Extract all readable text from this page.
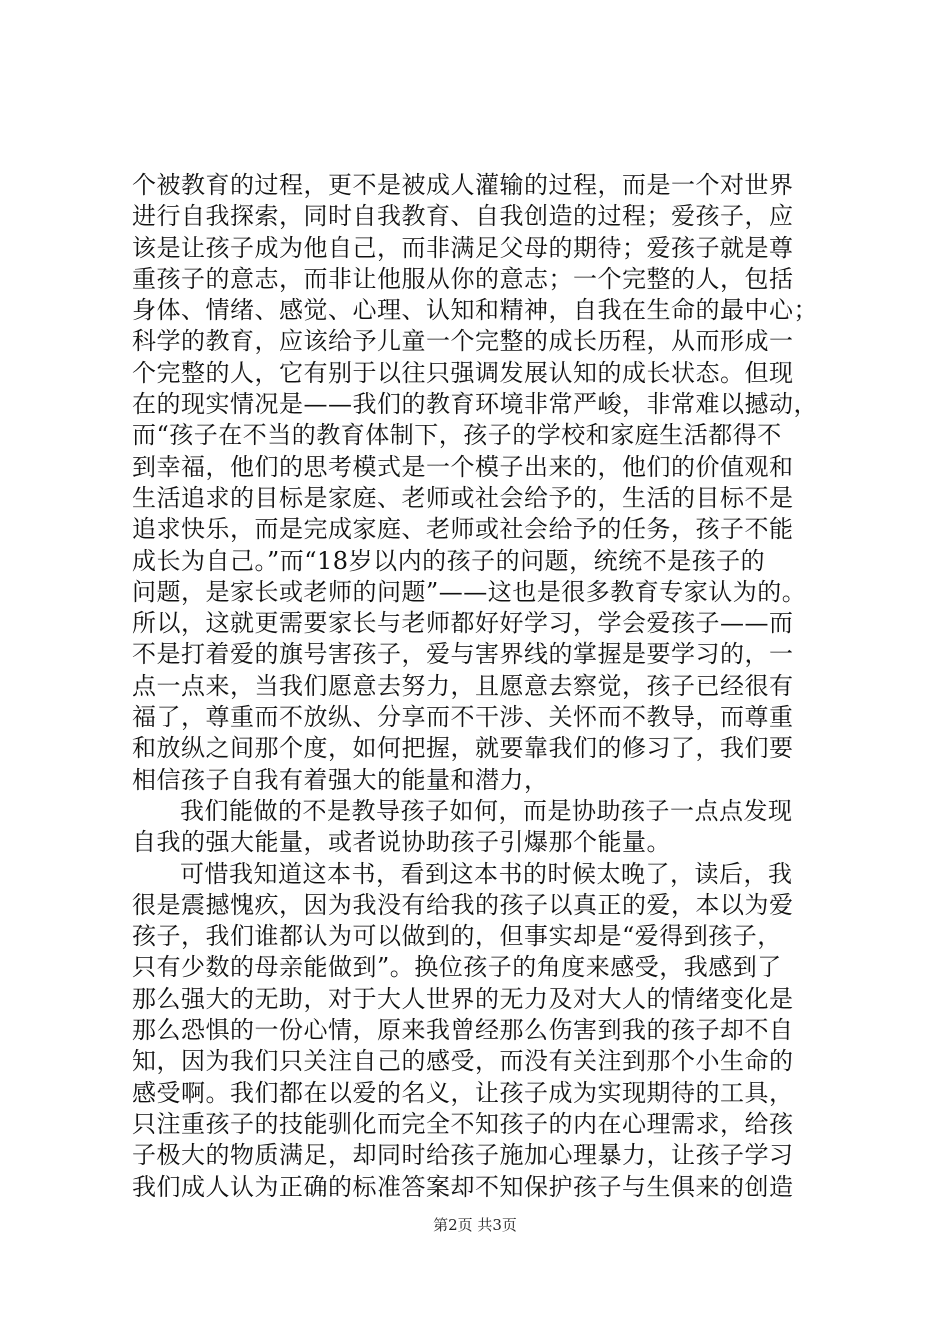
个被教育的过程，更不是被成人灌输的过程，而是一个对世界
进行自我探索，同时自我教育、自我创造的过程；爱孩子，应
该是让孩子成为他自己，而非满足父母的期待；爱孩子就是尊
重孩子的意志，而非让他服从你的意志；一个完整的人，包括
身体、情绪、感觉、心理、认知和精神，自我在生命的最中心；
科学的教育，应该给予儿童一个完整的成长历程，从而形成一
个完整的人，它有别于以往只强调发展认知的成长状态。但现
在的现实情况是——我们的教育环境非常严峻，非常难以撼动，
而“孩子在不当的教育体制下，孩子的学校和家庭生活都得不
到幸福，他们的思考模式是一个模子出来的，他们的价值观和
生活追求的目标是家庭、老师或社会给予的，生活的目标不是
追求快乐，而是完成家庭、老师或社会给予的任务，孩子不能
成长为自己。”而“18岁以内的孩子的问题，统统不是孩子的
问题，是家长或老师的问题”——这也是很多教育专家认为的。
所以，这就更需要家长与老师都好好学习，学会爱孩子——而
不是打着爱的旗号害孩子，爱与害界线的掌握是要学习的，一
点一点来，当我们愿意去努力，且愿意去察觉，孩子已经很有
福了，尊重而不放纵、分享而不干涉、关怀而不教导，而尊重
和放纵之间那个度，如何把握，就要靠我们的修习了，我们要
相信孩子自我有着强大的能量和潜力，
我们能做的不是教导孩子如何，而是协助孩子一点点发现
自我的强大能量，或者说协助孩子引爆那个能量。
可惜我知道这本书，看到这本书的时候太晚了，读后，我
很是震撼愧疚，因为我没有给我的孩子以真正的爱，本以为爱
孩子，我们谁都认为可以做到的，但事实却是“爱得到孩子，
只有少数的母亲能做到”。换位孩子的角度来感受，我感到了
那么强大的无助，对于大人世界的无力及对大人的情绪变化是
那么恐惧的一份心情，原来我曾经那么伤害到我的孩子却不自
知，因为我们只关注自己的感受，而没有关注到那个小生命的
感受啊。我们都在以爱的名义，让孩子成为实现期待的工具，
只注重孩子的技能驯化而完全不知孩子的内在心理需求，给孩
子极大的物质满足，却同时给孩子施加心理暴力，让孩子学习
我们成人认为正确的标准答案却不知保护孩子与生俱来的创造
第2页 共3页
